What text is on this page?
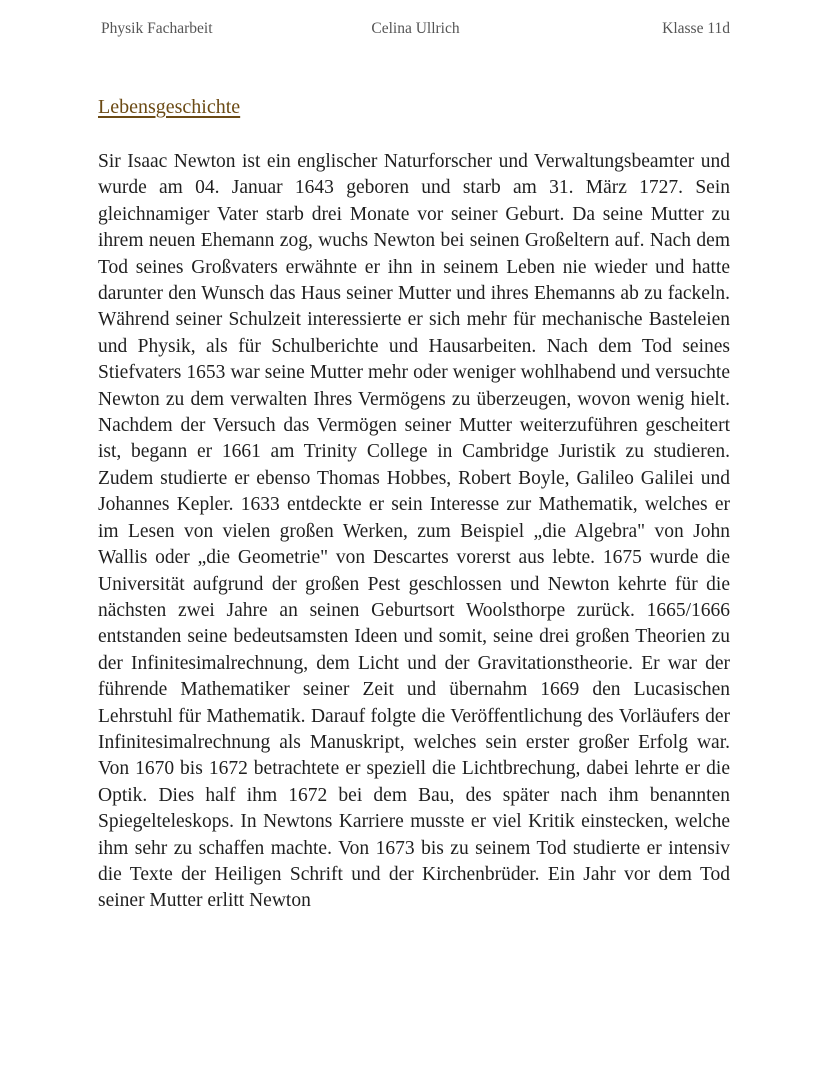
Physik Facharbeit	Celina Ullrich	Klasse 11d
Lebensgeschichte

Sir Isaac Newton ist ein englischer Naturforscher und Verwaltungsbeamter und wurde am 04. Januar 1643 geboren und starb am 31. März 1727. Sein gleichnamiger Vater starb drei Monate vor seiner Geburt. Da seine Mutter zu ihrem neuen Ehemann zog, wuchs Newton bei seinen Großeltern auf. Nach dem Tod seines Großvaters erwähnte er ihn in seinem Leben nie wieder und hatte darunter den Wunsch das Haus seiner Mutter und ihres Ehemanns ab zu fackeln. Während seiner Schulzeit interessierte er sich mehr für mechanische Basteleien und Physik, als für Schulberichte und Hausarbeiten. Nach dem Tod seines Stiefvaters 1653 war seine Mutter mehr oder weniger wohlhabend und versuchte Newton zu dem verwalten Ihres Vermögens zu überzeugen, wovon wenig hielt. Nachdem der Versuch das Vermögen seiner Mutter weiterzuführen gescheitert ist, begann er 1661 am Trinity College in Cambridge Juristik zu studieren. Zudem studierte er ebenso Thomas Hobbes, Robert Boyle, Galileo Galilei und Johannes Kepler. 1633 entdeckte er sein Interesse zur Mathematik, welches er im Lesen von vielen großen Werken, zum Beispiel „die Algebra" von John Wallis oder „die Geometrie" von Descartes vorerst aus lebte. 1675 wurde die Universität aufgrund der großen Pest geschlossen und Newton kehrte für die nächsten zwei Jahre an seinen Geburtsort Woolsthorpe zurück. 1665/1666 entstanden seine bedeutsamsten Ideen und somit, seine drei großen Theorien zu der Infinitesimalrechnung, dem Licht und der Gravitationstheorie. Er war der führende Mathematiker seiner Zeit und übernahm 1669 den Lucasischen Lehrstuhl für Mathematik. Darauf folgte die Veröffentlichung des Vorläufers der Infinitesimalrechnung als Manuskript, welches sein erster großer Erfolg war. Von 1670 bis 1672 betrachtete er speziell die Lichtbrechung, dabei lehrte er die Optik. Dies half ihm 1672 bei dem Bau, des später nach ihm benannten Spiegelteleskops. In Newtons Karriere musste er viel Kritik einstecken, welche ihm sehr zu schaffen machte. Von 1673 bis zu seinem Tod studierte er intensiv die Texte der Heiligen Schrift und der Kirchenbrüder. Ein Jahr vor dem Tod seiner Mutter erlitt Newton
